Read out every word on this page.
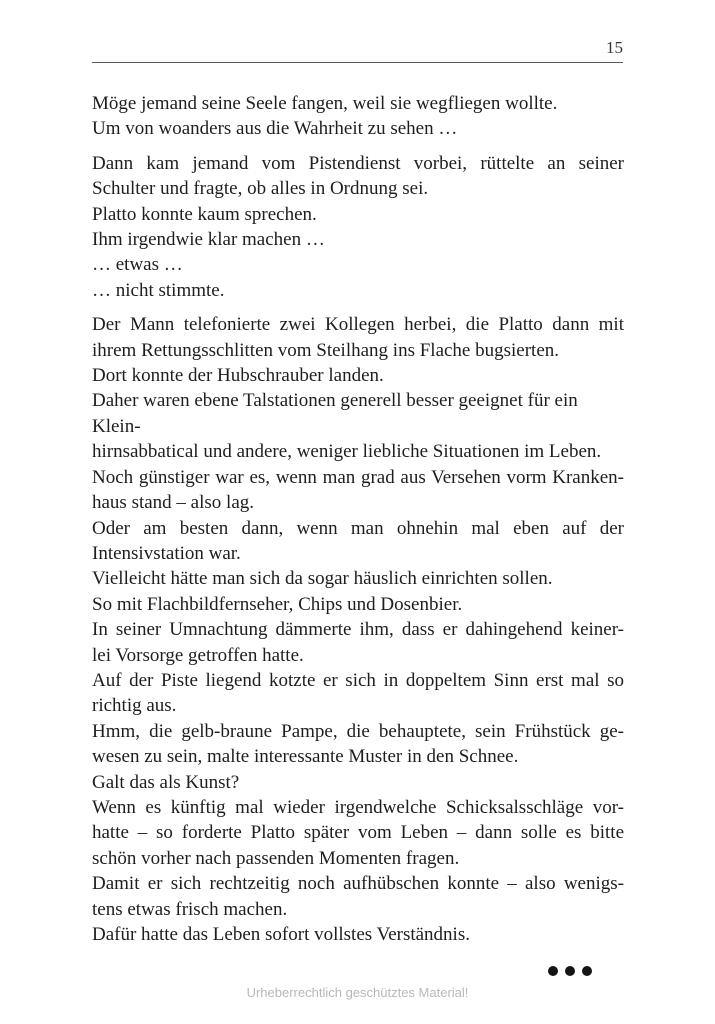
15

Möge jemand seine Seele fangen, weil sie wegfliegen wollte.
Um von woanders aus die Wahrheit zu sehen …

Dann kam jemand vom Pistendienst vorbei, rüttelte an seiner
Schulter und fragte, ob alles in Ordnung sei.
Platto konnte kaum sprechen.
Ihm irgendwie klar machen …
… etwas …
… nicht stimmte.

Der Mann telefonierte zwei Kollegen herbei, die Platto dann mit
ihrem Rettungsschlitten vom Steilhang ins Flache bugsierten.
Dort konnte der Hubschrauber landen.
Daher waren ebene Talstationen generell besser geeignet für ein Klein-
hirnsabbatical und andere, weniger liebliche Situationen im Leben.
Noch günstiger war es, wenn man grad aus Versehen vorm Kranken-
haus stand – also lag.
Oder am besten dann, wenn man ohnehin mal eben auf der
Intensivstation war.
Vielleicht hätte man sich da sogar häuslich einrichten sollen.
So mit Flachbildfernseher, Chips und Dosenbier.
In seiner Umnachtung dämmerte ihm, dass er dahingehend keiner-
lei Vorsorge getroffen hatte.
Auf der Piste liegend kotzte er sich in doppeltem Sinn erst mal so
richtig aus.
Hmm, die gelb-braune Pampe, die behauptete, sein Frühstück ge-
wesen zu sein, malte interessante Muster in den Schnee.
Galt das als Kunst?
Wenn es künftig mal wieder irgendwelche Schicksalsschläge vor-
hatte – so forderte Platto später vom Leben – dann solle es bitte
schön vorher nach passenden Momenten fragen.
Damit er sich rechtzeitig noch aufhübschen konnte – also wenigs-
tens etwas frisch machen.
Dafür hatte das Leben sofort vollstes Verständnis.

Urheberrechtlich geschütztes Material!
